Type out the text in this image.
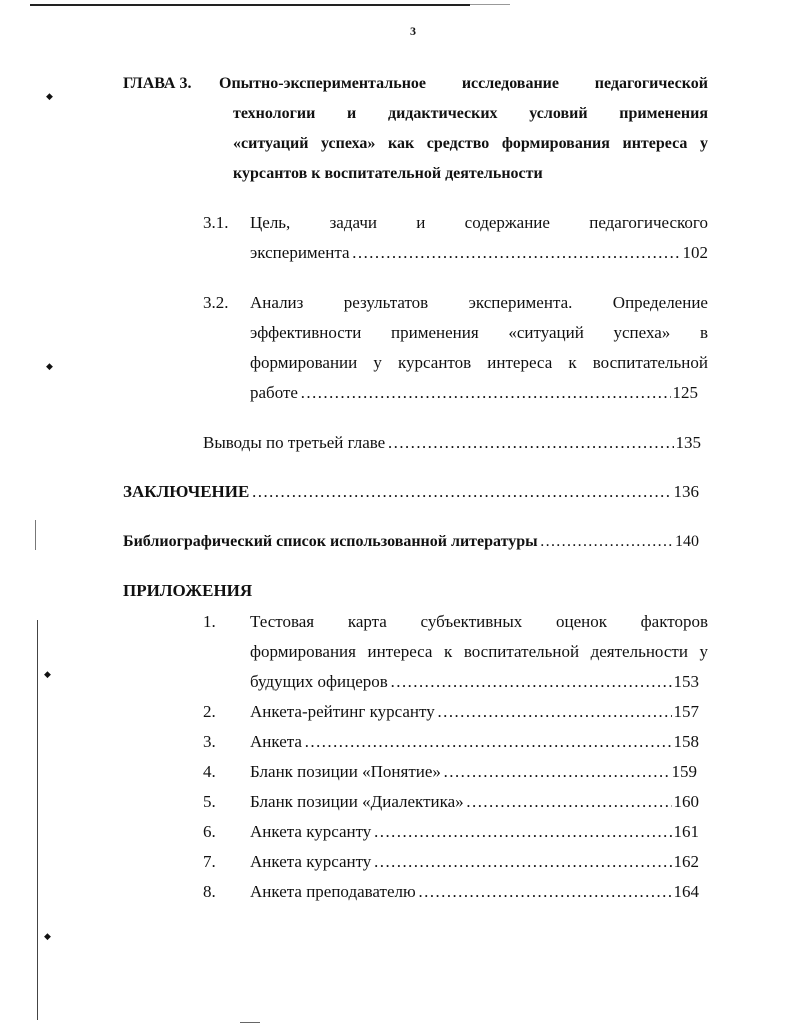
◆
◆
◆
◆
3
ГЛАВА 3. Опытно-экспериментальное исследование педагогической
технологии и дидактических условий применения
«ситуаций успеха» как средство формирования интереса у
курсантов к воспитательной деятельности
3.1. Цель, задачи и содержание педагогического
эксперимента …………………………………………………………………………………………………………………………………………	102
3.2. Анализ результатов эксперимента. Определение
эффективности применения «ситуаций успеха» в
формировании у курсантов интереса к воспитательной
работе …………………………………………………………………………………………………………………………………………	125
Выводы по третьей главе …………………………………………………………………………………………………………………………………………	135
ЗАКЛЮЧЕНИЕ …………………………………………………………………………………………………………………………………………	136
Библиографический список использованной литературы …………………………………………………………………………………………………………………………………………	140
ПРИЛОЖЕНИЯ
1. Тестовая карта субъективных оценок факторов
формирования интереса к воспитательной деятельности у
будущих офицеров …………………………………………………………………………………………………………………………………………	153
2. Анкета-рейтинг курсанту …………………………………………………………………………………………………………………………………………	157
3. Анкета …………………………………………………………………………………………………………………………………………	158
4. Бланк позиции «Понятие» …………………………………………………………………………………………………………………………………………	159
5. Бланк позиции «Диалектика» …………………………………………………………………………………………………………………………………………	160
6. Анкета курсанту …………………………………………………………………………………………………………………………………………	161
7. Анкета курсанту …………………………………………………………………………………………………………………………………………	162
8. Анкета преподавателю …………………………………………………………………………………………………………………………………………	164
